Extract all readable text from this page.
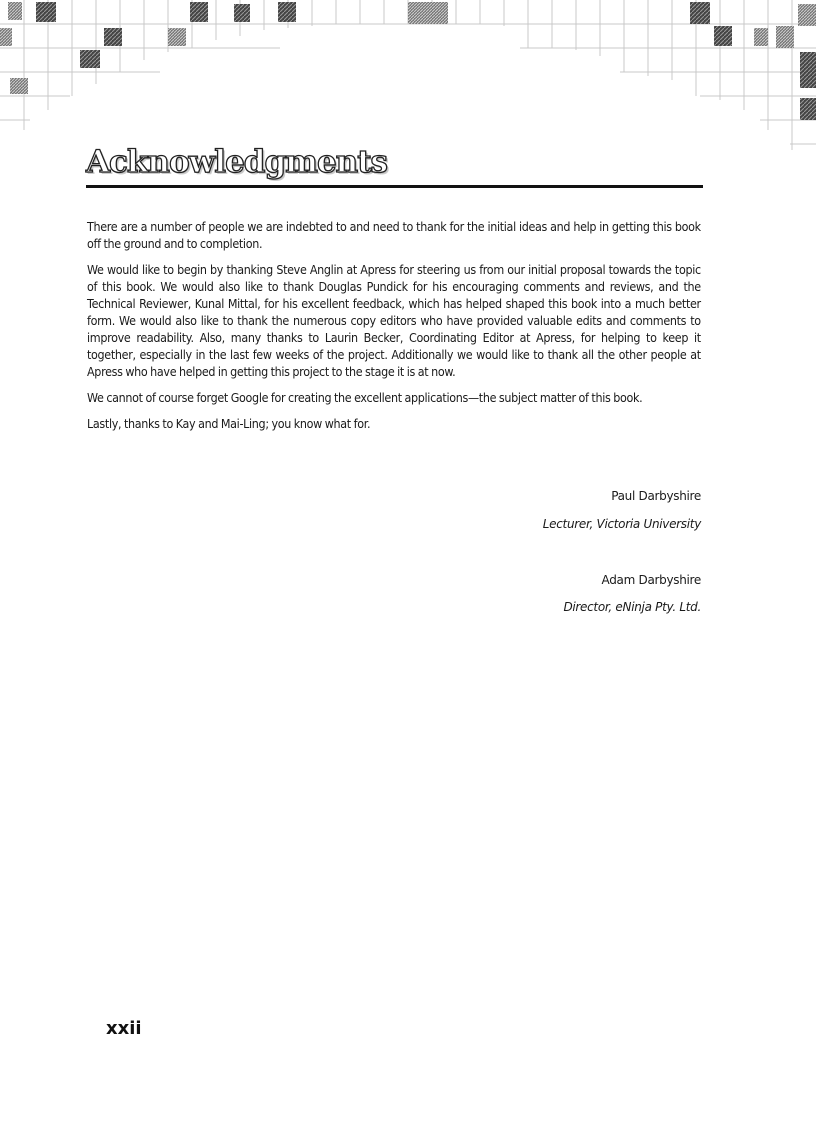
Acknowledgments

There are a number of people we are indebted to and need to thank for the initial ideas and help in getting this book off the ground and to completion.

We would like to begin by thanking Steve Anglin at Apress for steering us from our initial proposal towards the topic of this book. We would also like to thank Douglas Pundick for his encouraging comments and reviews, and the Technical Reviewer, Kunal Mittal, for his excellent feedback, which has helped shaped this book into a much better form. We would also like to thank the numerous copy editors who have provided valuable edits and comments to improve readability. Also, many thanks to Laurin Becker, Coordinating Editor at Apress, for helping to keep it together, especially in the last few weeks of the project. Additionally we would like to thank all the other people at Apress who have helped in getting this project to the stage it is at now.

We cannot of course forget Google for creating the excellent applications—the subject matter of this book.

Lastly, thanks to Kay and Mai-Ling; you know what for.

Paul Darbyshire
Lecturer, Victoria University
Adam Darbyshire
Director, eNinja Pty. Ltd.
xxii
